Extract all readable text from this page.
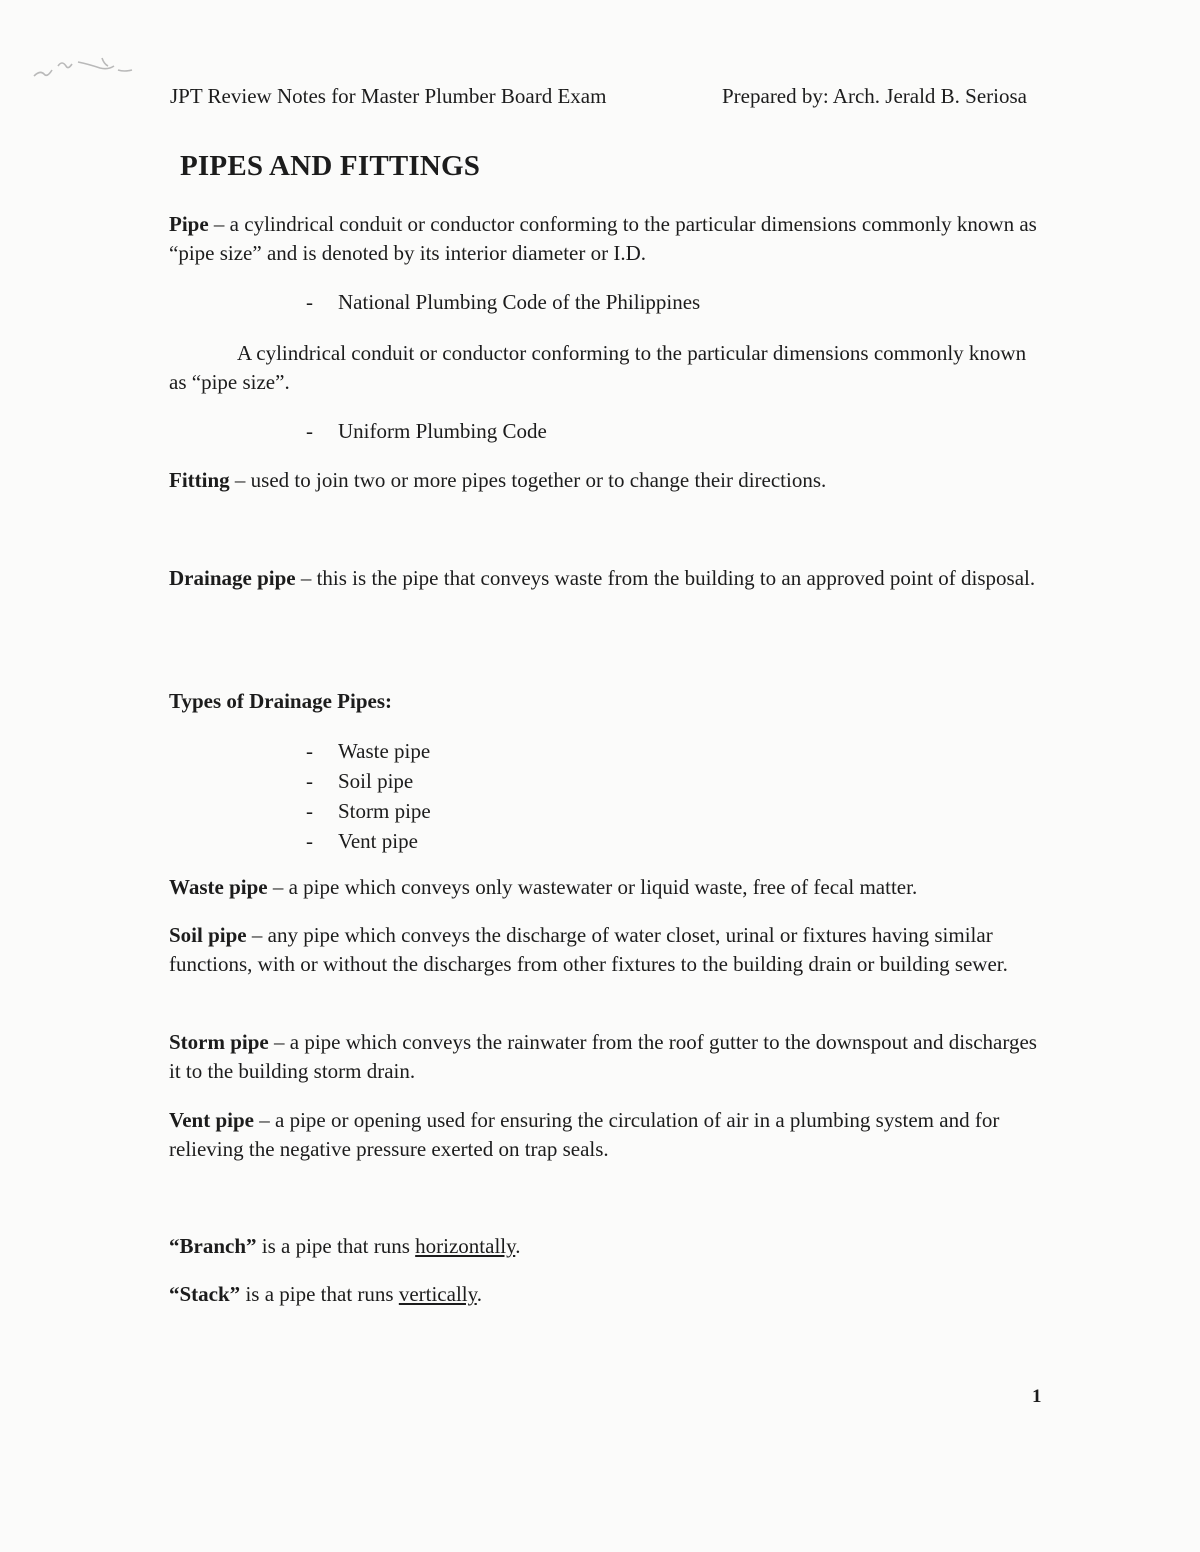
JPT Review Notes for Master Plumber Board Exam	Prepared by: Arch. Jerald B. Seriosa
PIPES AND FITTINGS
Pipe – a cylindrical conduit or conductor conforming to the particular dimensions commonly known as “pipe size” and is denoted by its interior diameter or I.D.
- National Plumbing Code of the Philippines
A cylindrical conduit or conductor conforming to the particular dimensions commonly known as “pipe size”.
- Uniform Plumbing Code
Fitting – used to join two or more pipes together or to change their directions.
Drainage pipe – this is the pipe that conveys waste from the building to an approved point of disposal.
Types of Drainage Pipes:
- Waste pipe
- Soil pipe
- Storm pipe
- Vent pipe
Waste pipe – a pipe which conveys only wastewater or liquid waste, free of fecal matter.
Soil pipe – any pipe which conveys the discharge of water closet, urinal or fixtures having similar functions, with or without the discharges from other fixtures to the building drain or building sewer.
Storm pipe – a pipe which conveys the rainwater from the roof gutter to the downspout and discharges it to the building storm drain.
Vent pipe – a pipe or opening used for ensuring the circulation of air in a plumbing system and for relieving the negative pressure exerted on trap seals.
“Branch” is a pipe that runs horizontally.
“Stack” is a pipe that runs vertically.
1
